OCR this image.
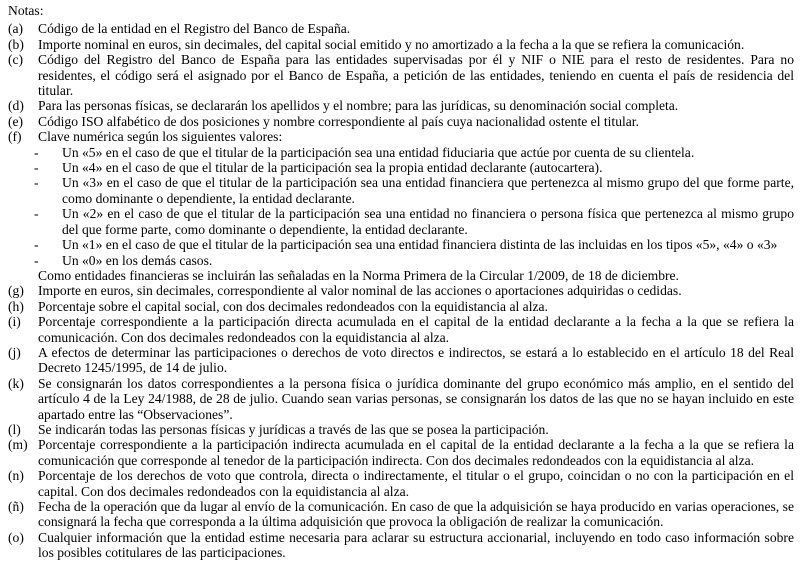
Notas:
(a)	Código de la entidad en el Registro del Banco de España.
(b)	Importe nominal en euros, sin decimales, del capital social emitido y no amortizado a la fecha a la que se refiera la comunicación.
(c)	Código del Registro del Banco de España para las entidades supervisadas por él y NIF o NIE para el resto de residentes. Para no residentes, el código será el asignado por el Banco de España, a petición de las entidades, teniendo en cuenta el país de residencia del titular.
(d)	Para las personas físicas, se declararán los apellidos y el nombre; para las jurídicas, su denominación social completa.
(e)	Código ISO alfabético de dos posiciones y nombre correspondiente al país cuya nacionalidad ostente el titular.
(f)	Clave numérica según los siguientes valores:
-	Un «5» en el caso de que el titular de la participación sea una entidad fiduciaria que actúe por cuenta de su clientela.
-	Un «4» en el caso de que el titular de la participación sea la propia entidad declarante (autocartera).
-	Un «3» en el caso de que el titular de la participación sea una entidad financiera que pertenezca al mismo grupo del que forme parte, como dominante o dependiente, la entidad declarante.
-	Un «2» en el caso de que el titular de la participación sea una entidad no financiera o persona física que pertenezca al mismo grupo del que forme parte, como dominante o dependiente, la entidad declarante.
-	Un «1» en el caso de que el titular de la participación sea una entidad financiera distinta de las incluidas en los tipos «5», «4» o «3»
-	Un «0» en los demás casos.
Como entidades financieras se incluirán las señaladas en la Norma Primera de la Circular 1/2009, de 18 de diciembre.
(g)	Importe en euros, sin decimales, correspondiente al valor nominal de las acciones o aportaciones adquiridas o cedidas.
(h)	Porcentaje sobre el capital social, con dos decimales redondeados con la equidistancia al alza.
(i)	Porcentaje correspondiente a la participación directa acumulada en el capital de la entidad declarante a la fecha a la que se refiera la comunicación. Con dos decimales redondeados con la equidistancia al alza.
(j)	A efectos de determinar las participaciones o derechos de voto directos e indirectos, se estará a lo establecido en el artículo 18 del Real Decreto 1245/1995, de 14 de julio.
(k)	Se consignarán los datos correspondientes a la persona física o jurídica dominante del grupo económico más amplio, en el sentido del artículo 4 de la Ley 24/1988, de 28 de julio. Cuando sean varias personas, se consignarán los datos de las que no se hayan incluido en este apartado entre las “Observaciones”.
(l)	Se indicarán todas las personas físicas y jurídicas a través de las que se posea la participación.
(m) Porcentaje correspondiente a la participación indirecta acumulada en el capital de la entidad declarante a la fecha a la que se refiera la comunicación que corresponde al tenedor de la participación indirecta. Con dos decimales redondeados con la equidistancia al alza.
(n)	Porcentaje de los derechos de voto que controla, directa o indirectamente, el titular o el grupo, coincidan o no con la participación en el capital. Con dos decimales redondeados con la equidistancia al alza.
(ñ)	Fecha de la operación que da lugar al envío de la comunicación. En caso de que la adquisición se haya producido en varias operaciones, se consignará la fecha que corresponda a la última adquisición que provoca la obligación de realizar la comunicación.
(o)	Cualquier información que la entidad estime necesaria para aclarar su estructura accionarial, incluyendo en todo caso información sobre los posibles cotitulares de las participaciones.
